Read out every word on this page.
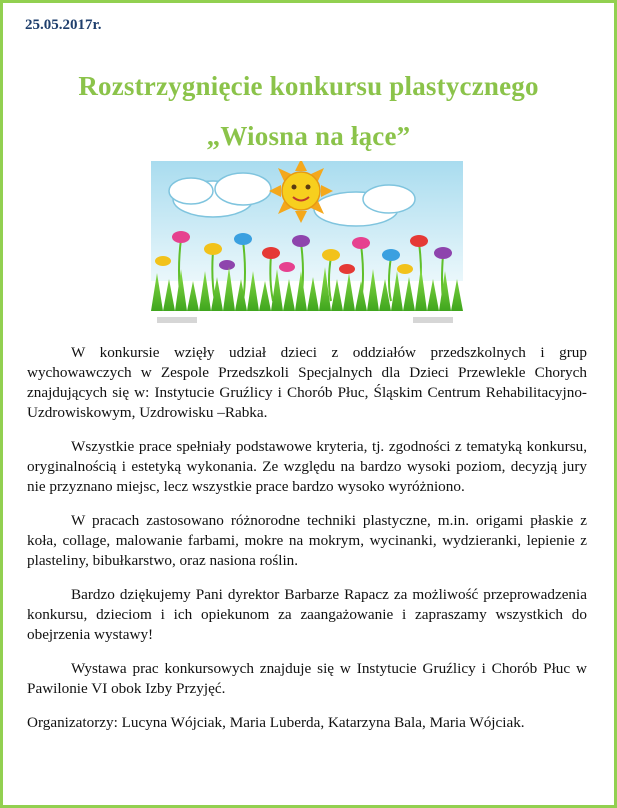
25.05.2017r.
Rozstrzygnięcie konkursu plastycznego
„Wiosna na łące”

W konkursie wzięły udział dzieci z oddziałów przedszkolnych i grup wychowawczych w Zespole Przedszkoli Specjalnych dla Dzieci Przewlekle Chorych znajdujących się w: Instytucie Gruźlicy i Chorób Płuc, Śląskim Centrum Rehabilitacyjno-Uzdrowiskowym, Uzdrowisku –Rabka.

Wszystkie prace spełniały podstawowe kryteria, tj. zgodności z tematyką konkursu, oryginalnością i estetyką wykonania. Ze względu na bardzo wysoki poziom, decyzją jury nie przyznano miejsc, lecz wszystkie prace bardzo wysoko wyróżniono.

W pracach zastosowano różnorodne techniki plastyczne, m.in. origami płaskie z koła, collage, malowanie farbami, mokre na mokrym, wycinanki, wydzieranki, lepienie z plasteliny, bibułkarstwo, oraz nasiona roślin.

Bardzo dziękujemy Pani dyrektor Barbarze Rapacz za możliwość przeprowadzenia konkursu, dzieciom i ich opiekunom za zaangażowanie i zapraszamy wszystkich do obejrzenia wystawy!

Wystawa prac konkursowych znajduje się w Instytucie Gruźlicy i Chorób Płuc w Pawilonie VI obok Izby Przyjęć.

Organizatorzy: Lucyna Wójciak, Maria Luberda, Katarzyna Bala, Maria Wójciak.
